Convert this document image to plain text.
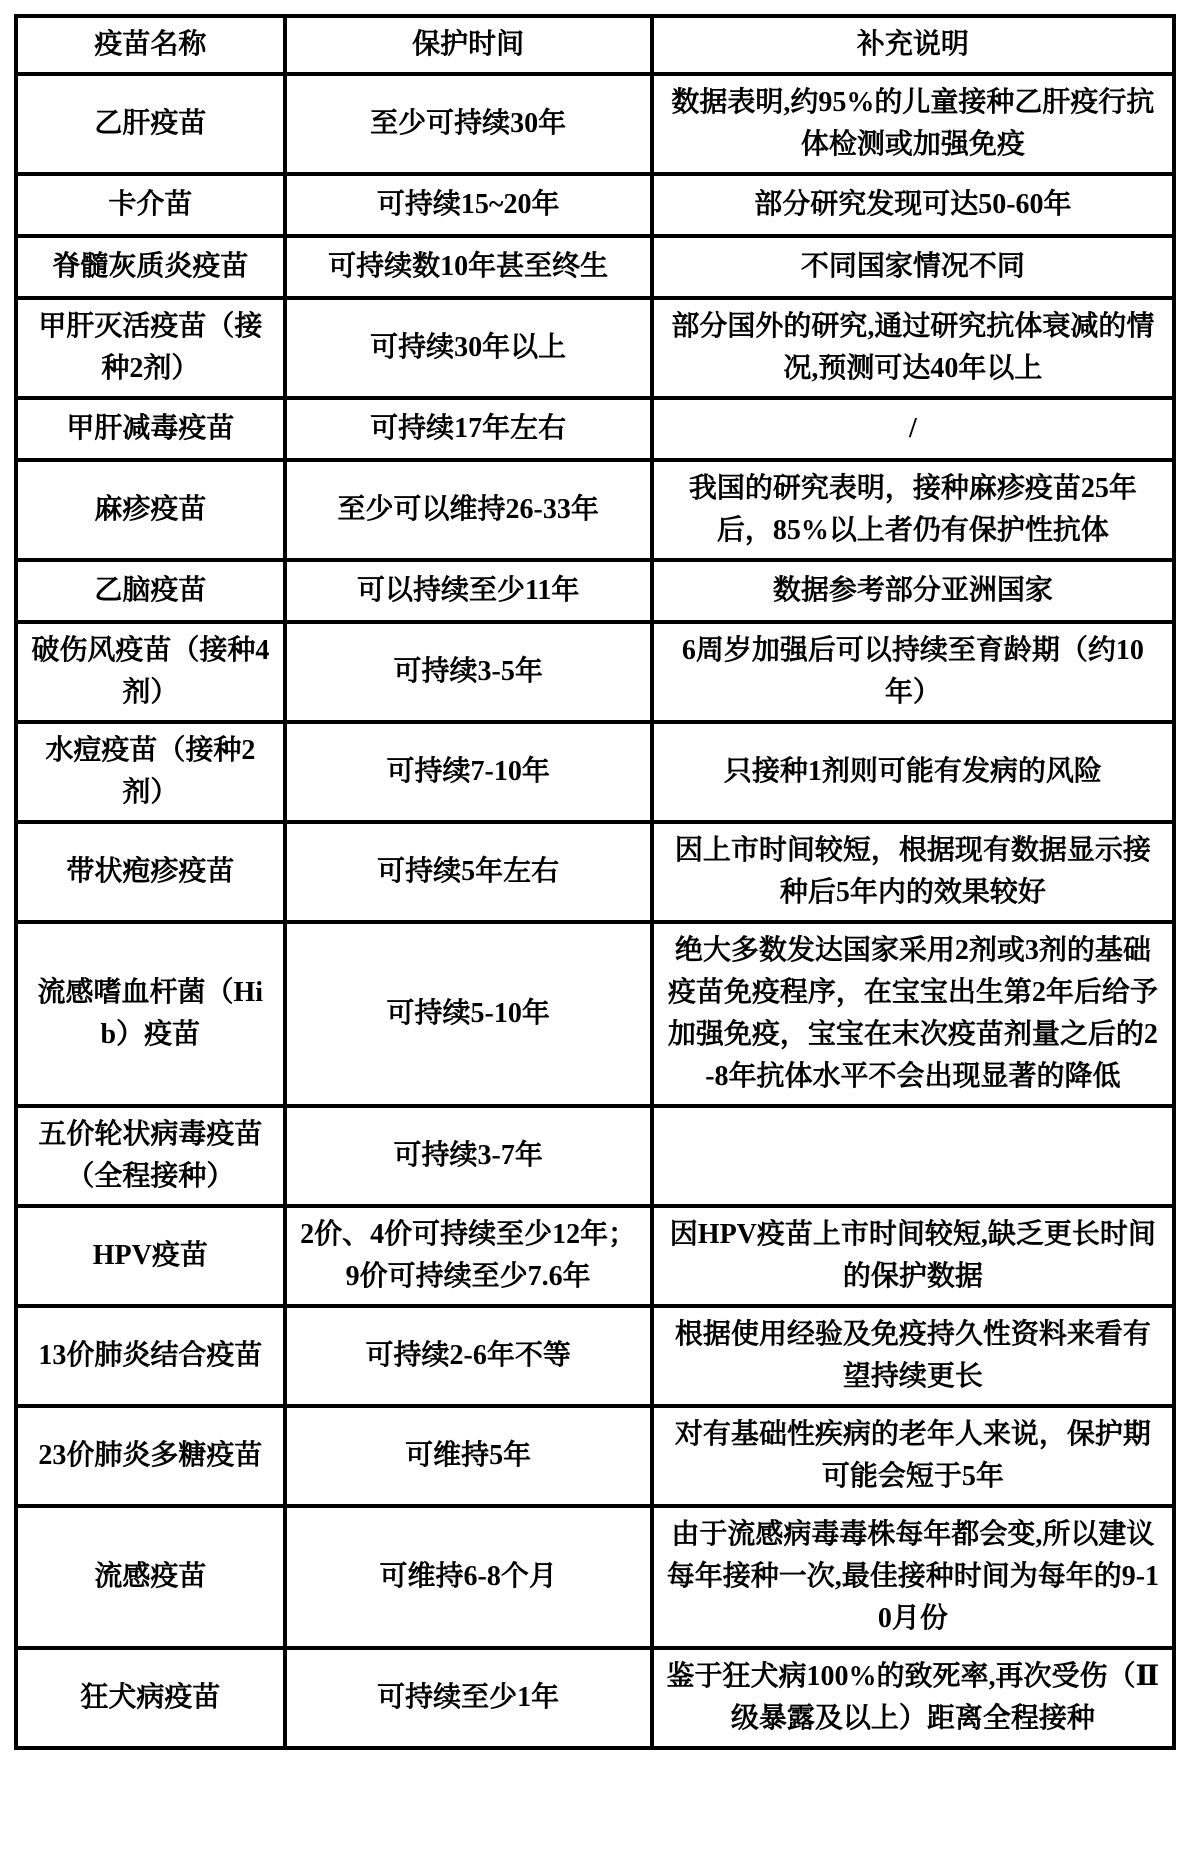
疫苗名称	保护时间	补充说明
乙肝疫苗	至少可持续30年	数据表明,约95%的儿童接种乙肝疫行抗体检测或加强免疫
卡介苗	可持续15~20年	部分研究发现可达50-60年
脊髓灰质炎疫苗	可持续数10年甚至终生	不同国家情况不同
甲肝灭活疫苗（接种2剂）	可持续30年以上	部分国外的研究,通过研究抗体衰减的情况,预测可达40年以上
甲肝减毒疫苗	可持续17年左右	/
麻疹疫苗	至少可以维持26-33年	我国的研究表明，接种麻疹疫苗25年后，85%以上者仍有保护性抗体
乙脑疫苗	可以持续至少11年	数据参考部分亚洲国家
破伤风疫苗（接种4剂）	可持续3-5年	6周岁加强后可以持续至育龄期（约10年）
水痘疫苗（接种2剂）	可持续7-10年	只接种1剂则可能有发病的风险
带状疱疹疫苗	可持续5年左右	因上市时间较短，根据现有数据显示接种后5年内的效果较好
流感嗜血杆菌（Hib）疫苗	可持续5-10年	绝大多数发达国家采用2剂或3剂的基础疫苗免疫程序，在宝宝出生第2年后给予加强免疫，宝宝在末次疫苗剂量之后的2-8年抗体水平不会出现显著的降低
五价轮状病毒疫苗（全程接种）	可持续3-7年	
HPV疫苗	2价、4价可持续至少12年；9价可持续至少7.6年	因HPV疫苗上市时间较短,缺乏更长时间的保护数据
13价肺炎结合疫苗	可持续2-6年不等	根据使用经验及免疫持久性资料来看有望持续更长
23价肺炎多糖疫苗	可维持5年	对有基础性疾病的老年人来说，保护期可能会短于5年
流感疫苗	可维持6-8个月	由于流感病毒毒株每年都会变,所以建议每年接种一次,最佳接种时间为每年的9-10月份
狂犬病疫苗	可持续至少1年	鉴于狂犬病100%的致死率,再次受伤（Ⅱ级暴露及以上）距离全程接种
